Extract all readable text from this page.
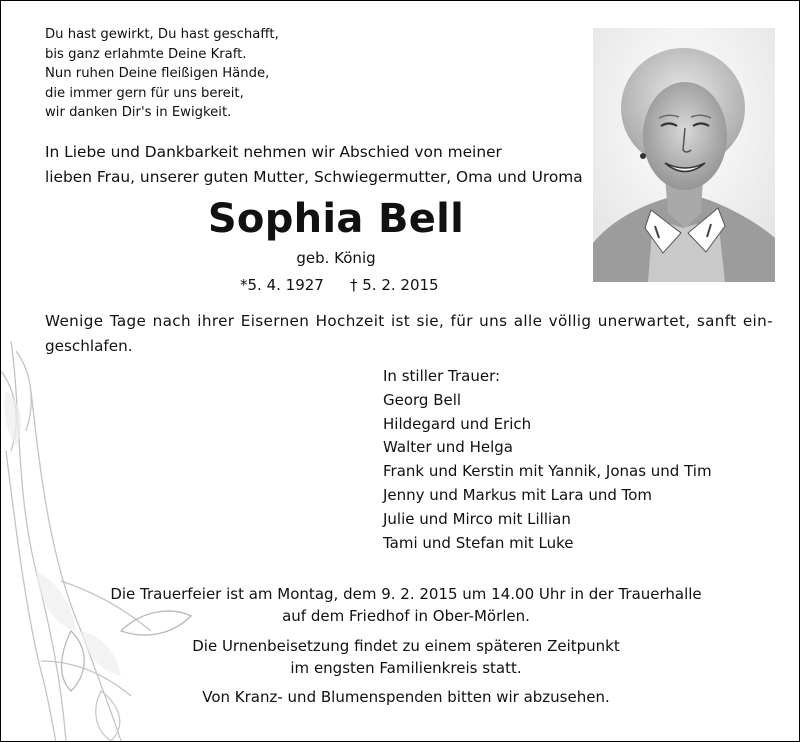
Du hast gewirkt, Du hast geschafft,
bis ganz erlahmte Deine Kraft.
Nun ruhen Deine fleißigen Hände,
die immer gern für uns bereit,
wir danken Dir's in Ewigkeit.
In Liebe und Dankbarkeit nehmen wir Abschied von meiner
lieben Frau, unserer guten Mutter, Schwiegermutter, Oma und Uroma
Sophia Bell
geb. König
*5. 4. 1927 † 5. 2. 2015
Wenige Tage nach ihrer Eisernen Hochzeit ist sie, für uns alle völlig unerwartet, sanft ein-
geschlafen.
In stiller Trauer:
Georg Bell
Hildegard und Erich
Walter und Helga
Frank und Kerstin mit Yannik, Jonas und Tim
Jenny und Markus mit Lara und Tom
Julie und Mirco mit Lillian
Tami und Stefan mit Luke
Die Trauerfeier ist am Montag, dem 9. 2. 2015 um 14.00 Uhr in der Trauerhalle
auf dem Friedhof in Ober-Mörlen.
Die Urnenbeisetzung findet zu einem späteren Zeitpunkt
im engsten Familienkreis statt.
Von Kranz- und Blumenspenden bitten wir abzusehen.
